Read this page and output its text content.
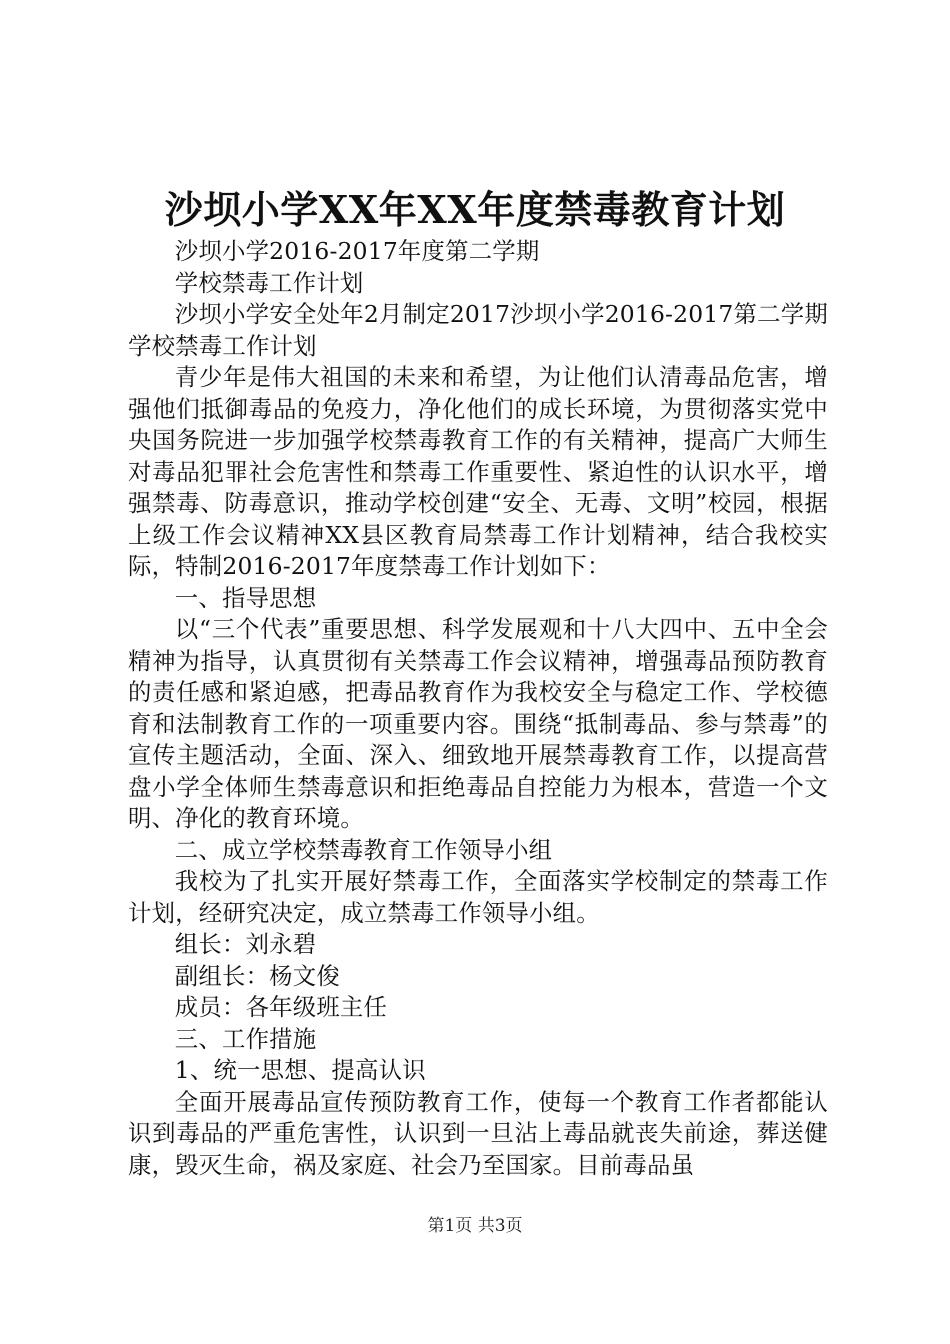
沙坝小学XX年XX年度禁毒教育计划

沙坝小学2016-2017年度第二学期

学校禁毒工作计划

沙坝小学安全处年2月制定2017沙坝小学2016-2017第二学期学校禁毒工作计划

青少年是伟大祖国的未来和希望，为让他们认清毒品危害，增强他们抵御毒品的免疫力，净化他们的成长环境，为贯彻落实党中央国务院进一步加强学校禁毒教育工作的有关精神，提高广大师生对毒品犯罪社会危害性和禁毒工作重要性、紧迫性的认识水平，增强禁毒、防毒意识，推动学校创建“安全、无毒、文明”校园，根据上级工作会议精神XX县区教育局禁毒工作计划精神，结合我校实际，特制2016-2017年度禁毒工作计划如下：

一、指导思想

以“三个代表”重要思想、科学发展观和十八大四中、五中全会精神为指导，认真贯彻有关禁毒工作会议精神，增强毒品预防教育的责任感和紧迫感，把毒品教育作为我校安全与稳定工作、学校德育和法制教育工作的一项重要内容。围绕“抵制毒品、参与禁毒”的宣传主题活动，全面、深入、细致地开展禁毒教育工作，以提高营盘小学全体师生禁毒意识和拒绝毒品自控能力为根本，营造一个文明、净化的教育环境。

二、成立学校禁毒教育工作领导小组

我校为了扎实开展好禁毒工作，全面落实学校制定的禁毒工作计划，经研究决定，成立禁毒工作领导小组。

组长：刘永碧

副组长：杨文俊

成员：各年级班主任

三、工作措施

1、统一思想、提高认识

全面开展毒品宣传预防教育工作，使每一个教育工作者都能认识到毒品的严重危害性，认识到一旦沾上毒品就丧失前途，葬送健康，毁灭生命，祸及家庭、社会乃至国家。目前毒品虽

第1页 共3页
